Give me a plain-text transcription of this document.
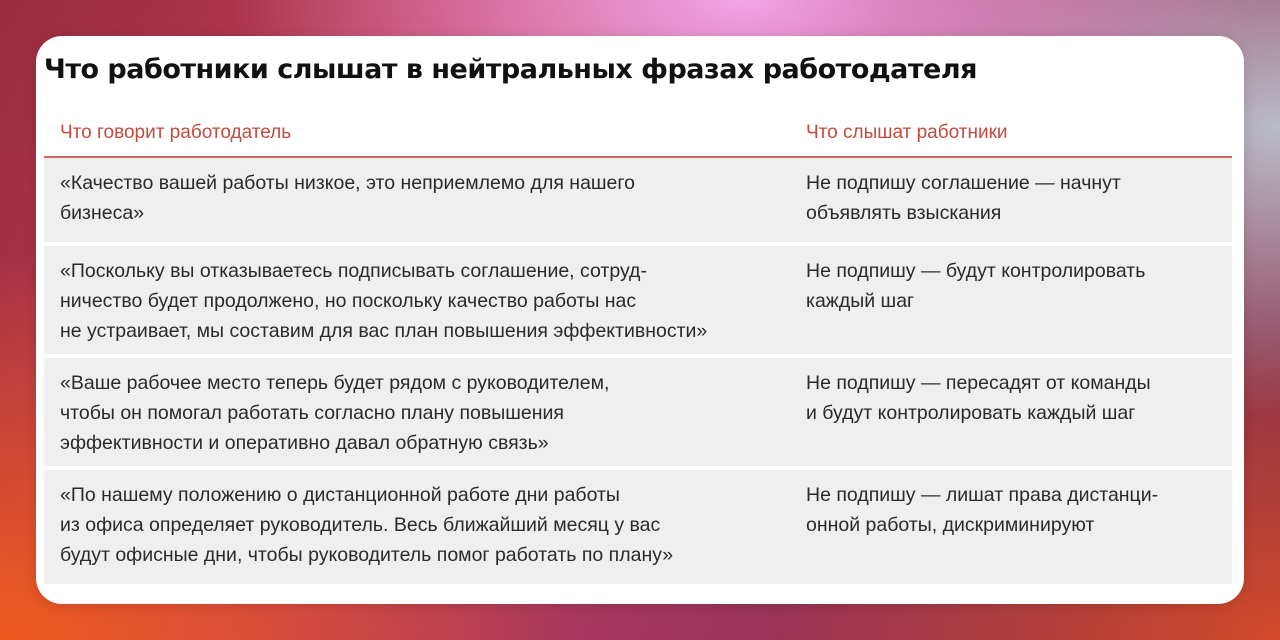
Что работники слышат в нейтральных фразах работодателя
Что говорит работодатель	Что слышат работники
«Качество вашей работы низкое, это неприемлемо для нашего
бизнеса»
Не подпишу соглашение — начнут
объявлять взыскания
«Поскольку вы отказываетесь подписывать соглашение, сотруд-
ничество будет продолжено, но поскольку качество работы нас
не устраивает, мы составим для вас план повышения эффективности»
Не подпишу — будут контролировать
каждый шаг
«Ваше рабочее место теперь будет рядом с руководителем,
чтобы он помогал работать согласно плану повышения
эффективности и оперативно давал обратную связь»
Не подпишу — пересадят от команды
и будут контролировать каждый шаг
«По нашему положению о дистанционной работе дни работы
из офиса определяет руководитель. Весь ближайший месяц у вас
будут офисные дни, чтобы руководитель помог работать по плану»
Не подпишу — лишат права дистанци-
онной работы, дискриминируют
